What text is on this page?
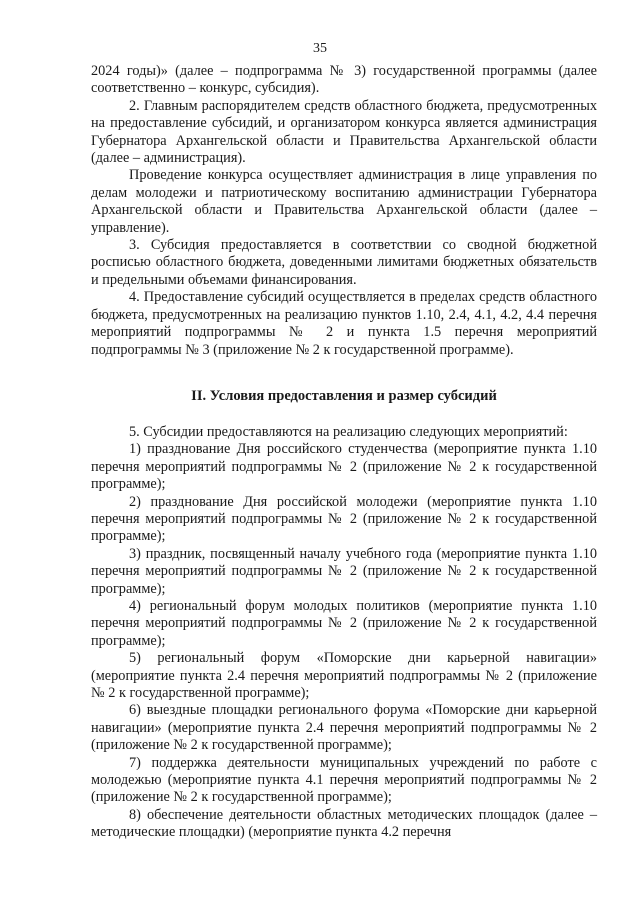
35

2024 годы)» (далее – подпрограмма № 3) государственной программы (далее соответственно – конкурс, субсидия).

2. Главным распорядителем средств областного бюджета, предусмотренных на предоставление субсидий, и организатором конкурса является администрация Губернатора Архангельской области и Правительства Архангельской области (далее – администрация).

Проведение конкурса осуществляет администрация в лице управления по делам молодежи и патриотическому воспитанию администрации Губернатора Архангельской области и Правительства Архангельской области (далее – управление).

3. Субсидия предоставляется в соответствии со сводной бюджетной росписью областного бюджета, доведенными лимитами бюджетных обязательств и предельными объемами финансирования.

4. Предоставление субсидий осуществляется в пределах средств областного бюджета, предусмотренных на реализацию пунктов 1.10, 2.4, 4.1, 4.2, 4.4 перечня мероприятий подпрограммы № 2 и пункта 1.5 перечня мероприятий подпрограммы № 3 (приложение № 2 к государственной программе).

II. Условия предоставления и размер субсидий

5. Субсидии предоставляются на реализацию следующих мероприятий:

1) празднование Дня российского студенчества (мероприятие пункта 1.10 перечня мероприятий подпрограммы № 2 (приложение № 2 к государственной программе);

2) празднование Дня российской молодежи (мероприятие пункта 1.10 перечня мероприятий подпрограммы № 2 (приложение № 2 к государственной программе);

3) праздник, посвященный началу учебного года (мероприятие пункта 1.10 перечня мероприятий подпрограммы № 2 (приложение № 2 к государственной программе);

4) региональный форум молодых политиков (мероприятие пункта 1.10 перечня мероприятий подпрограммы № 2 (приложение № 2 к государственной программе);

5) региональный форум «Поморские дни карьерной навигации» (мероприятие пункта 2.4 перечня мероприятий подпрограммы № 2 (приложение № 2 к государственной программе);

6) выездные площадки регионального форума «Поморские дни карьерной навигации» (мероприятие пункта 2.4 перечня мероприятий подпрограммы № 2 (приложение № 2 к государственной программе);

7) поддержка деятельности муниципальных учреждений по работе с молодежью (мероприятие пункта 4.1 перечня мероприятий подпрограммы № 2 (приложение № 2 к государственной программе);

8) обеспечение деятельности областных методических площадок (далее – методические площадки) (мероприятие пункта 4.2 перечня
